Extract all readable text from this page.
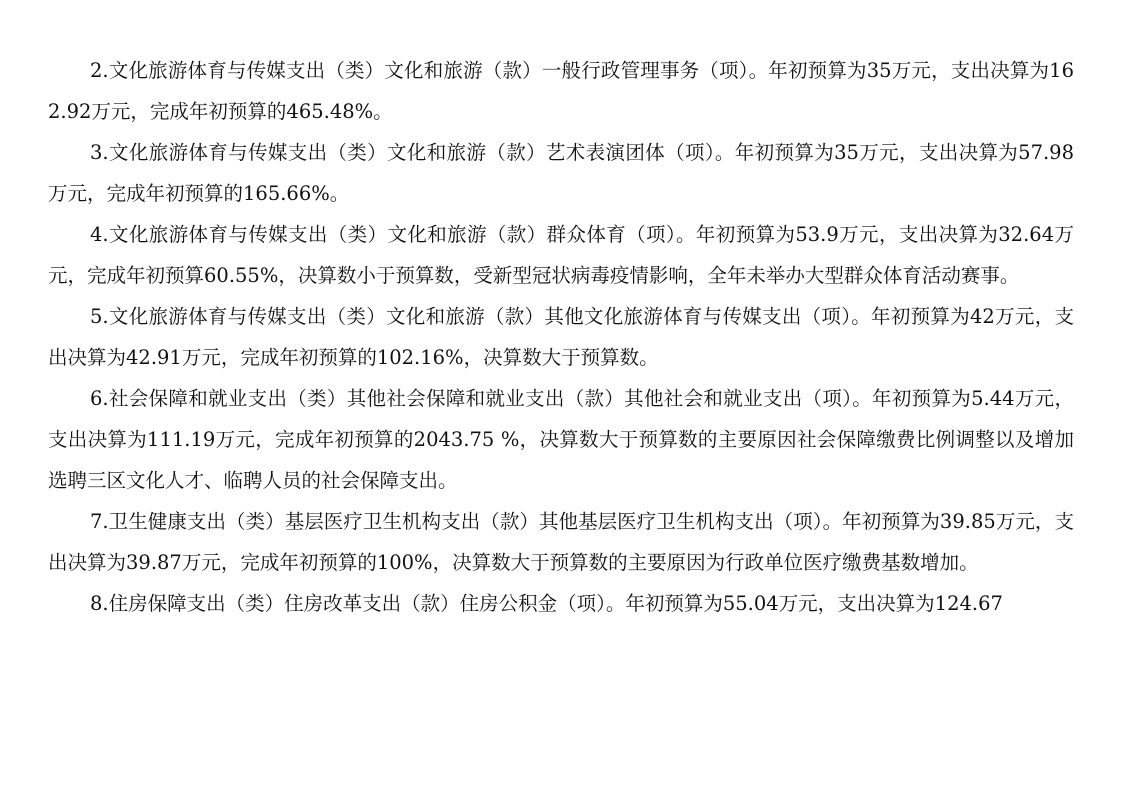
2.文化旅游体育与传媒支出（类）文化和旅游（款）一般行政管理事务（项）。年初预算为35万元，支出决算为162.92万元，完成年初预算的465.48%。

3.文化旅游体育与传媒支出（类）文化和旅游（款）艺术表演团体（项）。年初预算为35万元，支出决算为57.98万元，完成年初预算的165.66%。

4.文化旅游体育与传媒支出（类）文化和旅游（款）群众体育（项）。年初预算为53.9万元，支出决算为32.64万元，完成年初预算60.55%，决算数小于预算数，受新型冠状病毒疫情影响，全年未举办大型群众体育活动赛事。

5.文化旅游体育与传媒支出（类）文化和旅游（款）其他文化旅游体育与传媒支出（项）。年初预算为42万元，支出决算为42.91万元，完成年初预算的102.16%，决算数大于预算数。

6.社会保障和就业支出（类）其他社会保障和就业支出（款）其他社会和就业支出（项）。年初预算为5.44万元，支出决算为111.19万元，完成年初预算的2043.75 %，决算数大于预算数的主要原因社会保障缴费比例调整以及增加选聘三区文化人才、临聘人员的社会保障支出。

7.卫生健康支出（类）基层医疗卫生机构支出（款）其他基层医疗卫生机构支出（项）。年初预算为39.85万元，支出决算为39.87万元，完成年初预算的100%，决算数大于预算数的主要原因为行政单位医疗缴费基数增加。

8.住房保障支出（类）住房改革支出（款）住房公积金（项）。年初预算为55.04万元，支出决算为124.67
